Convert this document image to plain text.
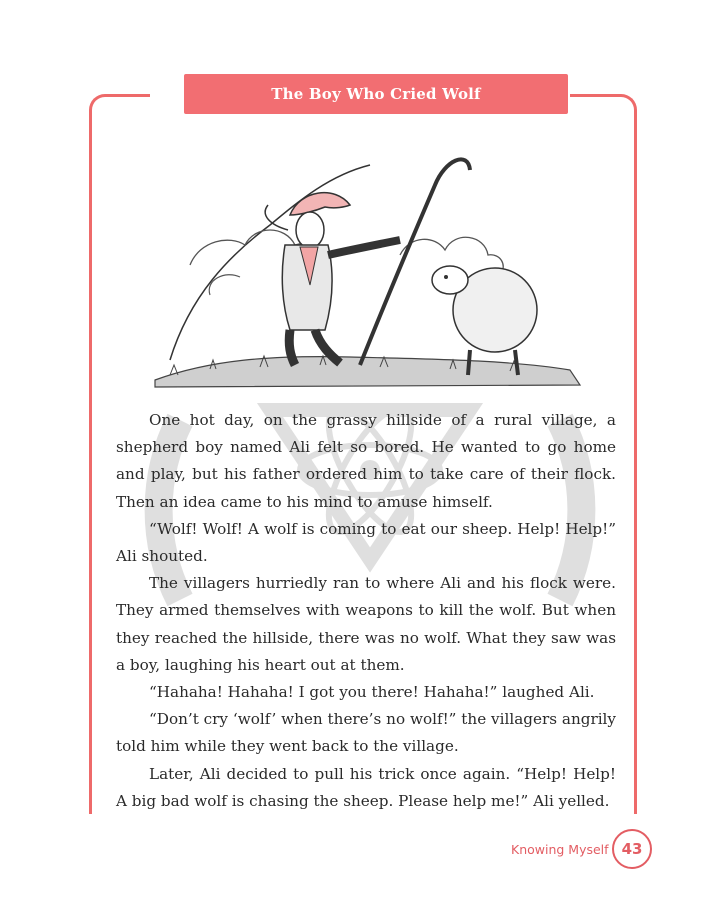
The Boy Who Cried Wolf

One hot day, on the grassy hillside of a rural village, a shepherd boy named Ali felt so bored. He wanted to go home and play, but his father ordered him to take care of their flock. Then an idea came to his mind to amuse himself.

“Wolf! Wolf! A wolf is coming to eat our sheep. Help! Help!” Ali shouted.

The villagers hurriedly ran to where Ali and his flock were. They armed themselves with weapons to kill the wolf. But when they reached the hillside, there was no wolf. What they saw was a boy, laughing his heart out at them.

“Hahaha! Hahaha! I got you there! Hahaha!” laughed Ali.

“Don’t cry ‘wolf’ when there’s no wolf!” the villagers angrily told him while they went back to the village.

Later, Ali decided to pull his trick once again. “Help! Help! A big bad wolf is chasing the sheep. Please help me!” Ali yelled.

Knowing Myself 43
